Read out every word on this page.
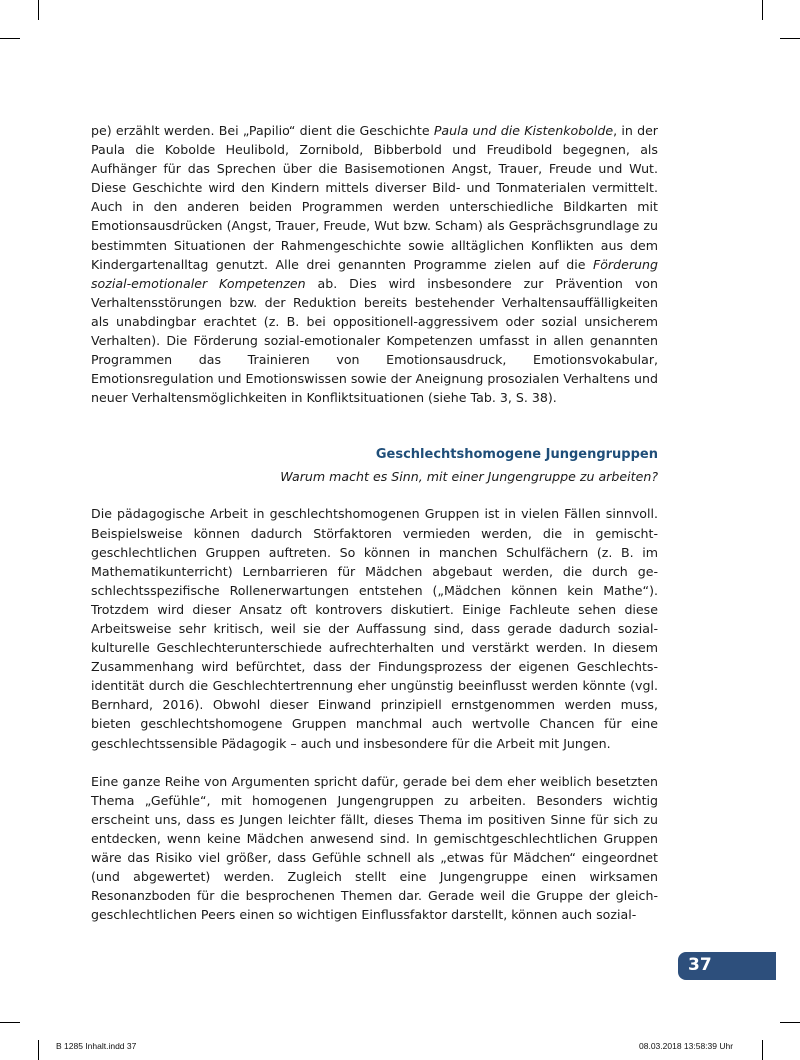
pe) erzählt werden. Bei „Papilio“ dient die Geschichte Paula und die Kistenkobolde, in der Paula die Kobolde Heulibold, Zornibold, Bibberbold und Freudibold begegnen, als Aufhänger für das Sprechen über die Basisemotionen Angst, Trauer, Freude und Wut. Diese Geschichte wird den Kindern mittels diverser Bild- und Tonmaterialen vermittelt. Auch in den anderen beiden Programmen werden unterschiedliche Bildkarten mit Emotionsausdrücken (Angst, Trauer, Freude, Wut bzw. Scham) als Gesprächsgrundlage zu bestimmten Situationen der Rahmengeschichte sowie alltäglichen Konflikten aus dem Kindergartenalltag genutzt. Alle drei genannten Programme zielen auf die Förderung sozial-emotionaler Kompetenzen ab. Dies wird insbesondere zur Prävention von Verhaltensstörungen bzw. der Reduktion bereits bestehender Verhaltensauffälligkeiten als unabdingbar erachtet (z. B. bei oppositionell-aggressivem oder sozial unsicherem Verhalten). Die Förderung sozial-emotionaler Kompetenzen umfasst in allen genannten Programmen das Trainieren von Emotionsausdruck, Emotionsvokabular, Emotionsregulation und Emotionswissen sowie der Aneignung prosozialen Verhaltens und neuer Verhaltensmöglichkeiten in Konfliktsituationen (siehe Tab. 3, S. 38).

Geschlechtshomogene Jungengruppen
Warum macht es Sinn, mit einer Jungengruppe zu arbeiten?

Die pädagogische Arbeit in geschlechtshomogenen Gruppen ist in vielen Fällen sinnvoll. Beispielsweise können dadurch Störfaktoren vermieden werden, die in gemischtgeschlechtlichen Gruppen auftreten. So können in manchen Schulfächern (z. B. im Mathematikunterricht) Lernbarrieren für Mädchen abgebaut werden, die durch geschlechtsspezifische Rollenerwartungen entstehen („Mädchen können kein Mathe“). Trotzdem wird dieser Ansatz oft kontrovers diskutiert. Einige Fachleute sehen diese Arbeitsweise sehr kritisch, weil sie der Auffassung sind, dass gerade dadurch sozialkulturelle Geschlechterunterschiede aufrechterhalten und verstärkt werden. In diesem Zusammenhang wird befürchtet, dass der Findungsprozess der eigenen Geschlechtsidentität durch die Geschlechtertrennung eher ungünstig beeinflusst werden könnte (vgl. Bernhard, 2016). Obwohl dieser Einwand prinzipiell ernstgenommen werden muss, bieten geschlechtshomogene Gruppen manchmal auch wertvolle Chancen für eine geschlechtssensible Pädagogik – auch und insbesondere für die Arbeit mit Jungen.

Eine ganze Reihe von Argumenten spricht dafür, gerade bei dem eher weiblich besetzten Thema „Gefühle“, mit homogenen Jungengruppen zu arbeiten. Besonders wichtig erscheint uns, dass es Jungen leichter fällt, dieses Thema im positiven Sinne für sich zu entdecken, wenn keine Mädchen anwesend sind. In gemischtgeschlechtlichen Gruppen wäre das Risiko viel größer, dass Gefühle schnell als „etwas für Mädchen“ eingeordnet (und abgewertet) werden. Zugleich stellt eine Jungengruppe einen wirksamen Resonanzboden für die besprochenen Themen dar. Gerade weil die Gruppe der gleichgeschlechtlichen Peers einen so wichtigen Einflussfaktor darstellt, können auch sozial-

37
B 1285 Inhalt.indd 37	08.03.2018 13:58:39 Uhr
